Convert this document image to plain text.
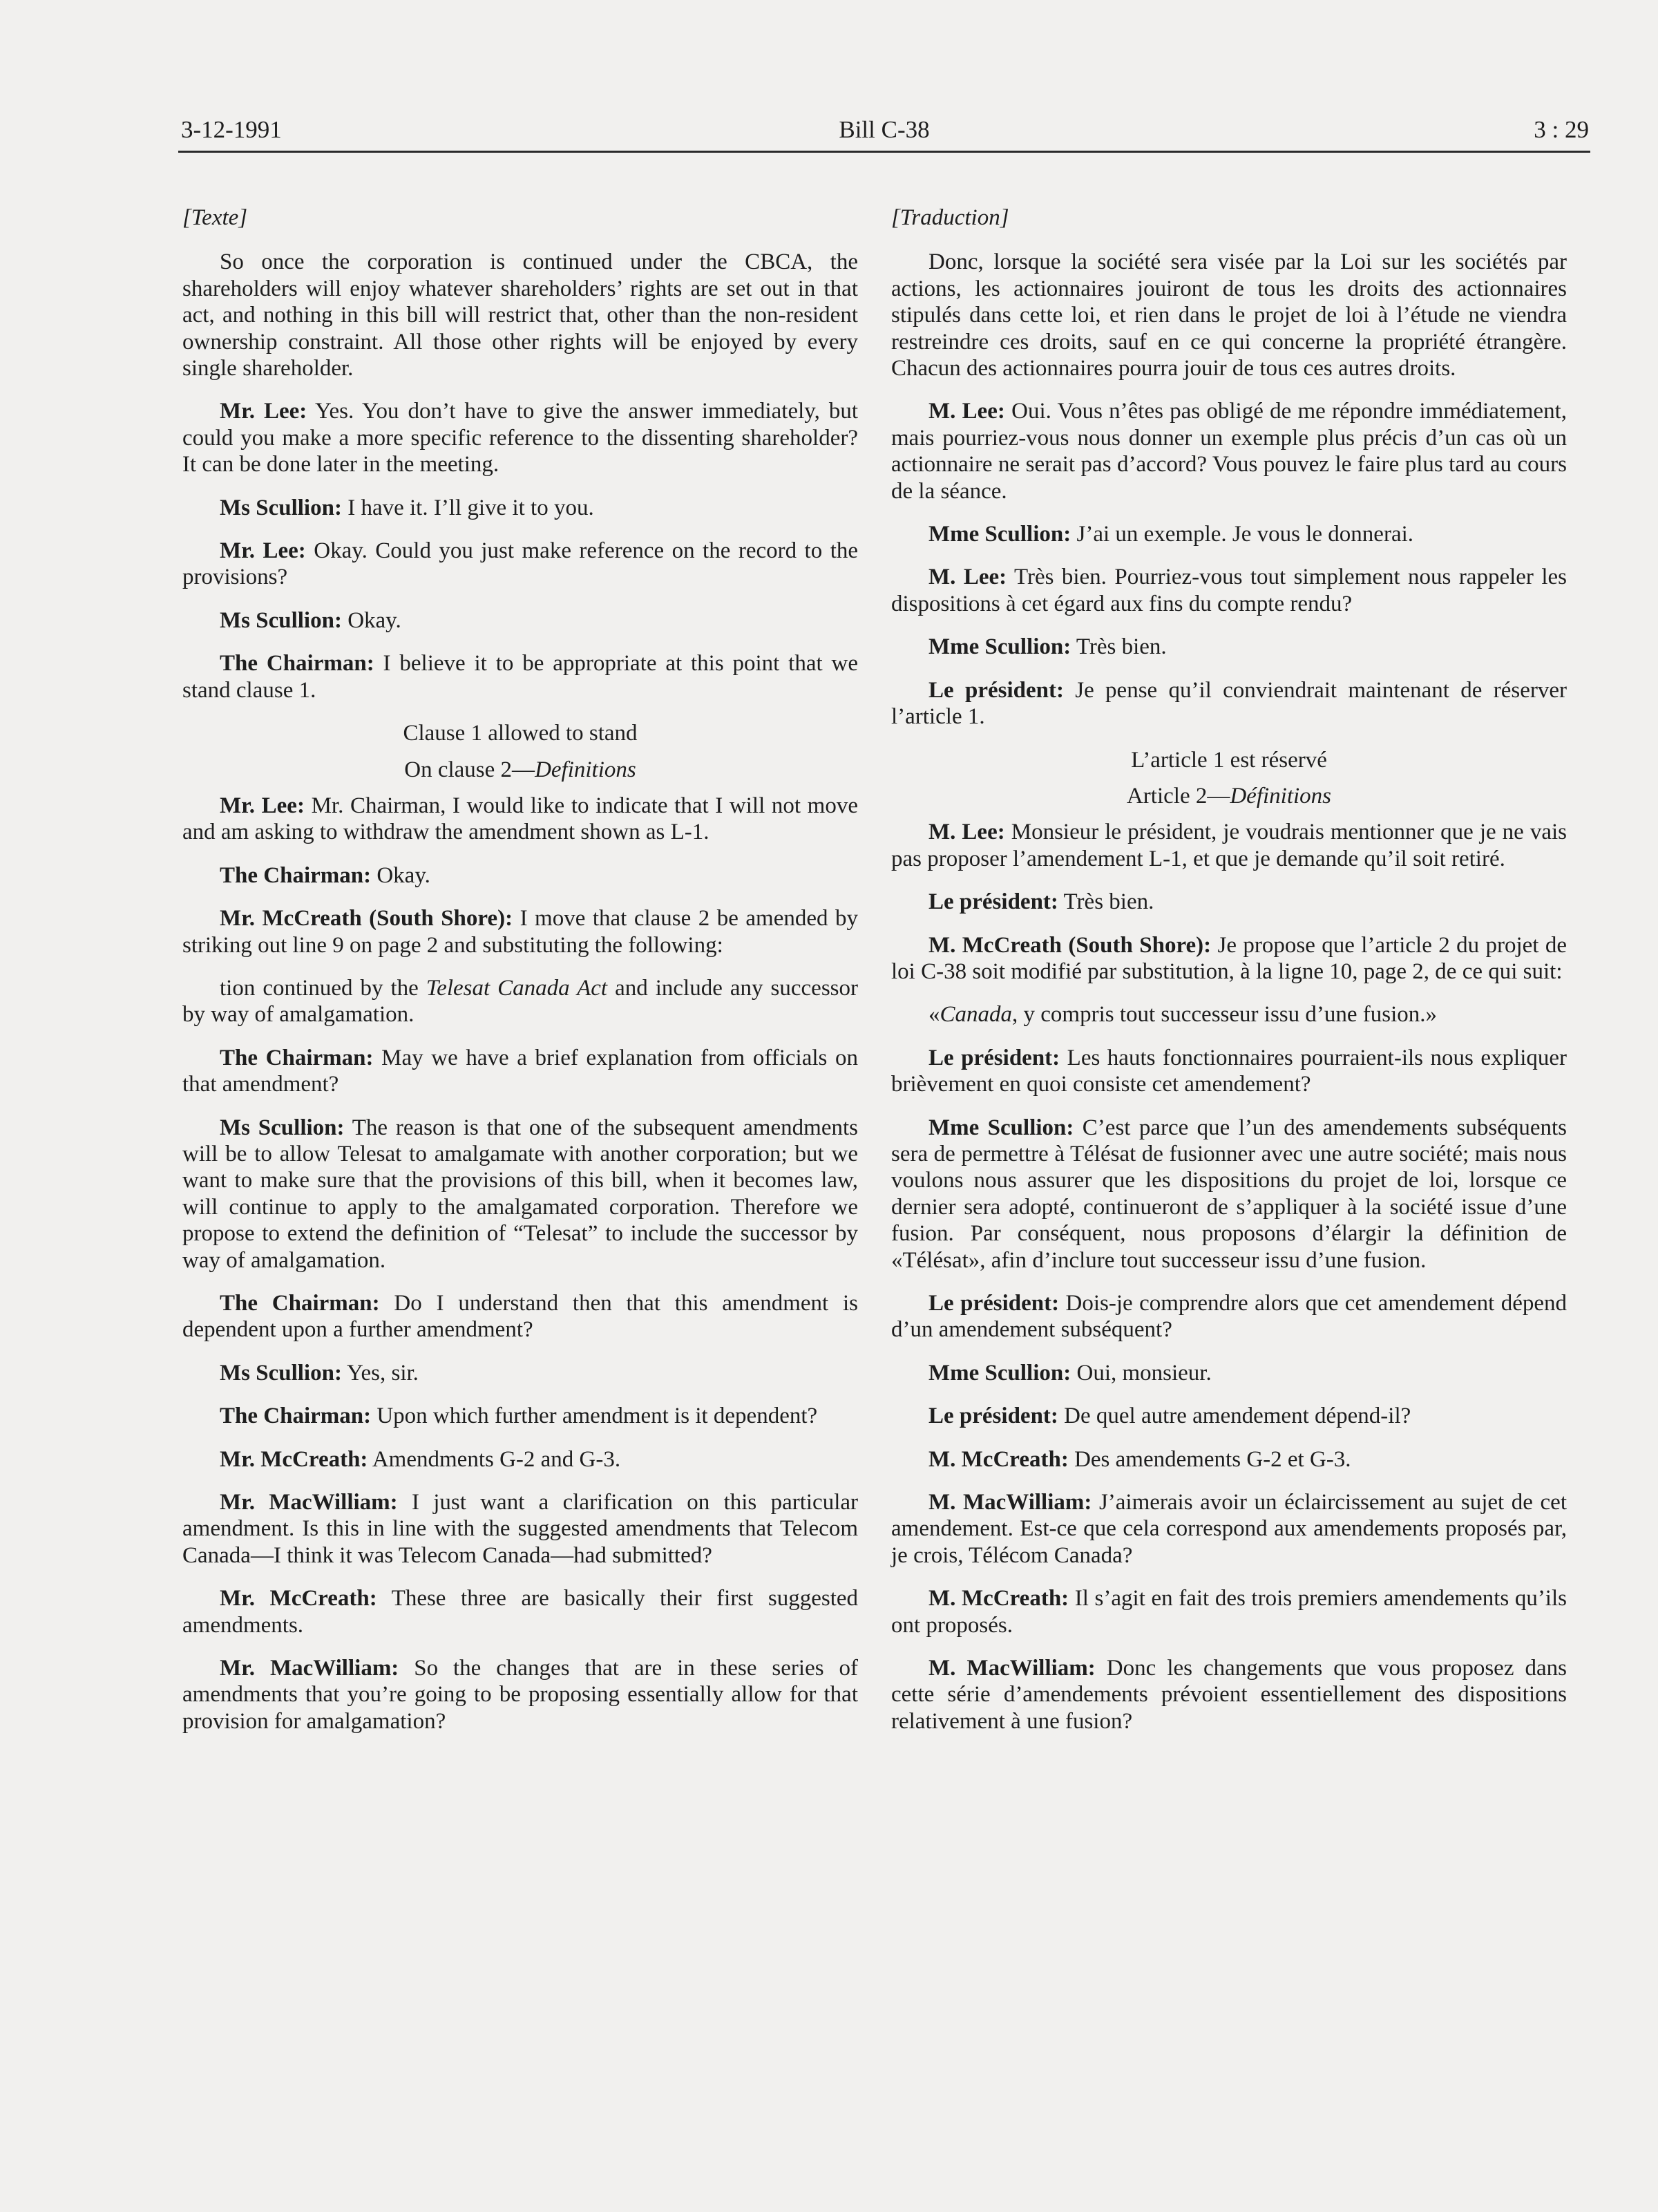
3-12-1991	Bill C-38	3 : 29
[Texte]

So once the corporation is continued under the CBCA, the shareholders will enjoy whatever shareholders’ rights are set out in that act, and nothing in this bill will restrict that, other than the non-resident ownership constraint. All those other rights will be enjoyed by every single shareholder.

Mr. Lee: Yes. You don’t have to give the answer immediately, but could you make a more specific reference to the dissenting shareholder? It can be done later in the meeting.

Ms Scullion: I have it. I’ll give it to you.

Mr. Lee: Okay. Could you just make reference on the record to the provisions?

Ms Scullion: Okay.

The Chairman: I believe it to be appropriate at this point that we stand clause 1.

Clause 1 allowed to stand
On clause 2—Definitions

Mr. Lee: Mr. Chairman, I would like to indicate that I will not move and am asking to withdraw the amendment shown as L-1.

The Chairman: Okay.

Mr. McCreath (South Shore): I move that clause 2 be amended by striking out line 9 on page 2 and substituting the following:

tion continued by the Telesat Canada Act and include any successor by way of amalgamation.

The Chairman: May we have a brief explanation from officials on that amendment?

Ms Scullion: The reason is that one of the subsequent amendments will be to allow Telesat to amalgamate with another corporation; but we want to make sure that the provisions of this bill, when it becomes law, will continue to apply to the amalgamated corporation. Therefore we propose to extend the definition of “Telesat” to include the successor by way of amalgamation.

The Chairman: Do I understand then that this amendment is dependent upon a further amendment?

Ms Scullion: Yes, sir.

The Chairman: Upon which further amendment is it dependent?

Mr. McCreath: Amendments G-2 and G-3.

Mr. MacWilliam: I just want a clarification on this particular amendment. Is this in line with the suggested amendments that Telecom Canada—I think it was Telecom Canada—had submitted?

Mr. McCreath: These three are basically their first suggested amendments.

Mr. MacWilliam: So the changes that are in these series of amendments that you’re going to be proposing essentially allow for that provision for amalgamation?

[Traduction]

Donc, lorsque la société sera visée par la Loi sur les sociétés par actions, les actionnaires jouiront de tous les droits des actionnaires stipulés dans cette loi, et rien dans le projet de loi à l’étude ne viendra restreindre ces droits, sauf en ce qui concerne la propriété étrangère. Chacun des actionnaires pourra jouir de tous ces autres droits.

M. Lee: Oui. Vous n’êtes pas obligé de me répondre immédiatement, mais pourriez-vous nous donner un exemple plus précis d’un cas où un actionnaire ne serait pas d’accord? Vous pouvez le faire plus tard au cours de la séance.

Mme Scullion: J’ai un exemple. Je vous le donnerai.

M. Lee: Très bien. Pourriez-vous tout simplement nous rappeler les dispositions à cet égard aux fins du compte rendu?

Mme Scullion: Très bien.

Le président: Je pense qu’il conviendrait maintenant de réserver l’article 1.

L’article 1 est réservé
Article 2—Définitions

M. Lee: Monsieur le président, je voudrais mentionner que je ne vais pas proposer l’amendement L-1, et que je demande qu’il soit retiré.

Le président: Très bien.

M. McCreath (South Shore): Je propose que l’article 2 du projet de loi C-38 soit modifié par substitution, à la ligne 10, page 2, de ce qui suit:

«Canada, y compris tout successeur issu d’une fusion.»

Le président: Les hauts fonctionnaires pourraient-ils nous expliquer brièvement en quoi consiste cet amendement?

Mme Scullion: C’est parce que l’un des amendements subséquents sera de permettre à Télésat de fusionner avec une autre société; mais nous voulons nous assurer que les dispositions du projet de loi, lorsque ce dernier sera adopté, continueront de s’appliquer à la société issue d’une fusion. Par conséquent, nous proposons d’élargir la définition de «Télésat», afin d’inclure tout successeur issu d’une fusion.

Le président: Dois-je comprendre alors que cet amendement dépend d’un amendement subséquent?

Mme Scullion: Oui, monsieur.

Le président: De quel autre amendement dépend-il?

M. McCreath: Des amendements G-2 et G-3.

M. MacWilliam: J’aimerais avoir un éclaircissement au sujet de cet amendement. Est-ce que cela correspond aux amendements proposés par, je crois, Télécom Canada?

M. McCreath: Il s’agit en fait des trois premiers amendements qu’ils ont proposés.

M. MacWilliam: Donc les changements que vous proposez dans cette série d’amendements prévoient essentiellement des dispositions relativement à une fusion?
